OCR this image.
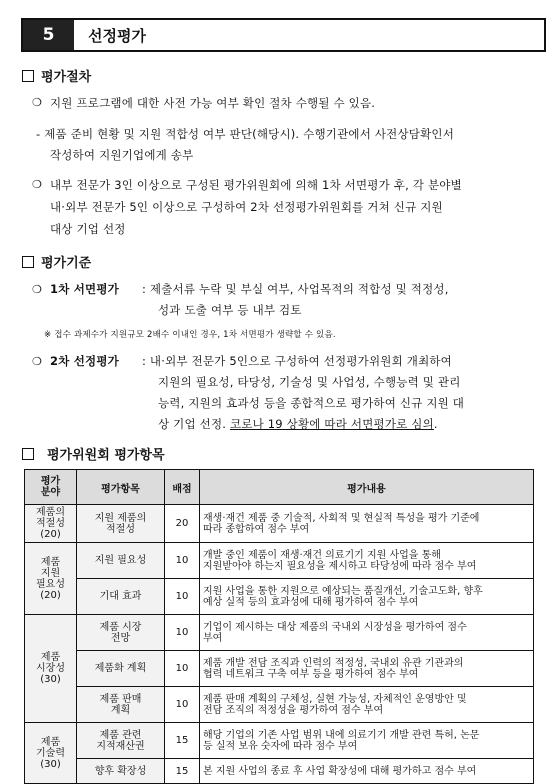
5	선정평가
평가절차
❍ 지원 프로그램에 대한 사전 가능 여부 확인 절차 수행될 수 있음.
- 제품 준비 현황 및 지원 적합성 여부 판단(해당시). 수행기관에서 사전상담확인서
작성하여 지원기업에게 송부
❍ 내부 전문가 3인 이상으로 구성된 평가위원회에 의해 1차 서면평가 후, 각 분야별
내·외부 전문가 5인 이상으로 구성하여 2차 선정평가위원회를 거쳐 신규 지원
대상 기업 선정
평가기준
❍ 1차 서면평가 : 제출서류 누락 및 부실 여부, 사업목적의 적합성 및 적정성,
성과 도출 여부 등 내부 검토
※ 접수 과제수가 지원규모 2배수 이내인 경우, 1차 서면평가 생략할 수 있음.
❍ 2차 선정평가 : 내·외부 전문가 5인으로 구성하여 선정평가위원회 개최하여
지원의 필요성, 타당성, 기술성 및 사업성, 수행능력 및 관리
능력, 지원의 효과성 등을 종합적으로 평가하여 신규 지원 대
상 기업 선정. 코로나 19 상황에 따라 서면평가로 심의.
평가위원회 평가항목
평가
분야	평가항목	배점	평가내용
제품의
적절성
(20)	지원 제품의
적절성	20	재생·재건 제품 중 기술적, 사회적 및 현실적 특성을 평가 기준에
따라 종합하여 점수 부여
제품
지원
필요성
(20)	지원 필요성	10	개발 중인 제품이 재생·재건 의료기기 지원 사업을 통해
지원받아야 하는지 필요성을 제시하고 타당성에 따라 점수 부여
	기대 효과	10	지원 사업을 통한 지원으로 예상되는 품질개선, 기술고도화, 향후
예상 실적 등의 효과성에 대해 평가하여 점수 부여
제품
시장성
(30)	제품 시장
전망	10	기업이 제시하는 대상 제품의 국내외 시장성을 평가하여 점수
부여
	제품화 계획	10	제품 개발 전담 조직과 인력의 적정성, 국내외 유관 기관과의
협력 네트워크 구축 여부 등을 평가하여 점수 부여
	제품 판매
계획	10	제품 판매 계획의 구체성, 실현 가능성, 자체적인 운영방안 및
전담 조직의 적정성을 평가하여 점수 부여
제품
기술력
(30)	제품 관련
지적재산권	15	해당 기업의 기존 사업 범위 내에 의료기기 개발 관련 특허, 논문
등 실적 보유 숫자에 따라 점수 부여
	향후 확장성	15	본 지원 사업의 종료 후 사업 확장성에 대해 평가하고 점수 부여
